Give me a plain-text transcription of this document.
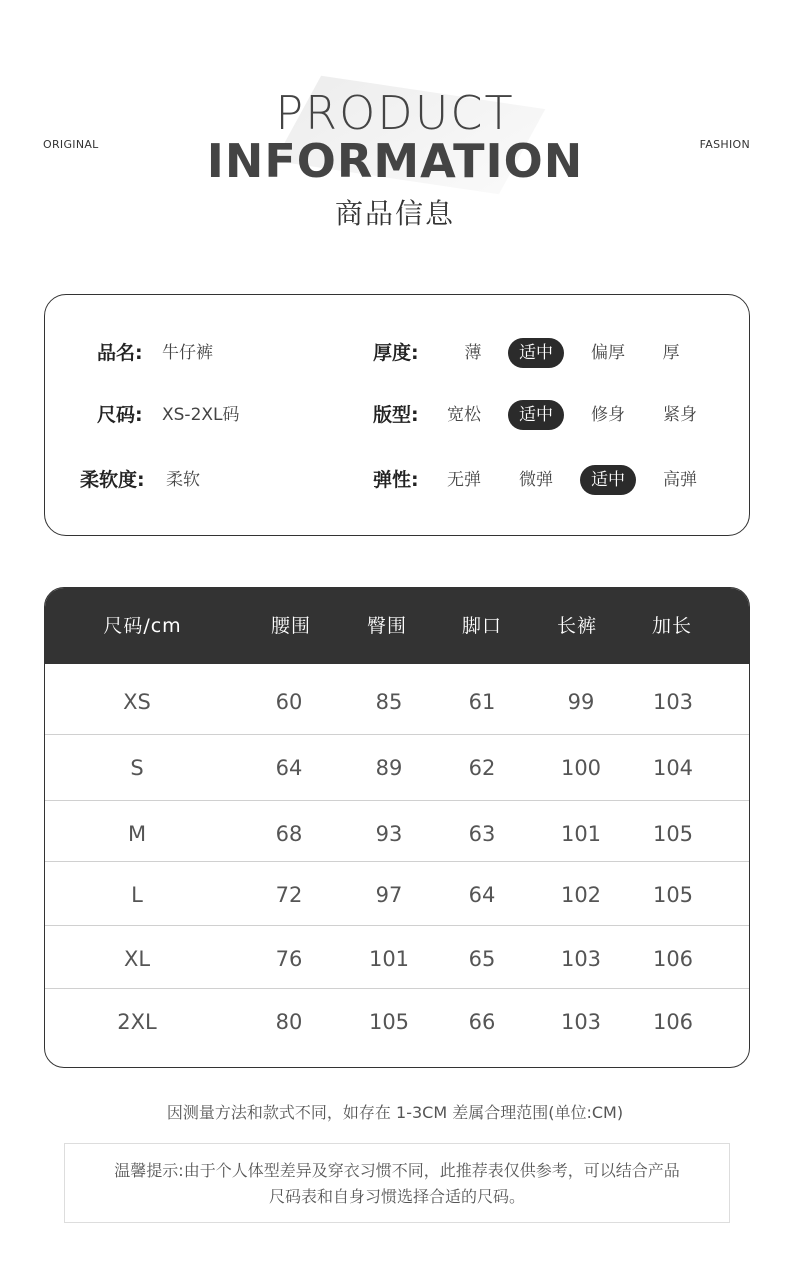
ORIGINAL	FASHION
PRODUCT
INFORMATION
商品信息
品名: 牛仔裤	厚度:	薄	适中	偏厚	厚
尺码: XS-2XL码	版型:	宽松	适中	修身	紧身
柔软度: 柔软	弹性:	无弹	微弹	适中	高弹
尺码/cm	腰围	臀围	脚口	长裤	加长
XS	60	85	61	99	103
S	64	89	62	100	104
M	68	93	63	101	105
L	72	97	64	102	105
XL	76	101	65	103	106
2XL	80	105	66	103	106
因测量方法和款式不同，如存在 1-3CM 差属合理范围(单位:CM)
温馨提示:由于个人体型差异及穿衣习惯不同，此推荐表仅供参考，可以结合产品
尺码表和自身习惯选择合适的尺码。
